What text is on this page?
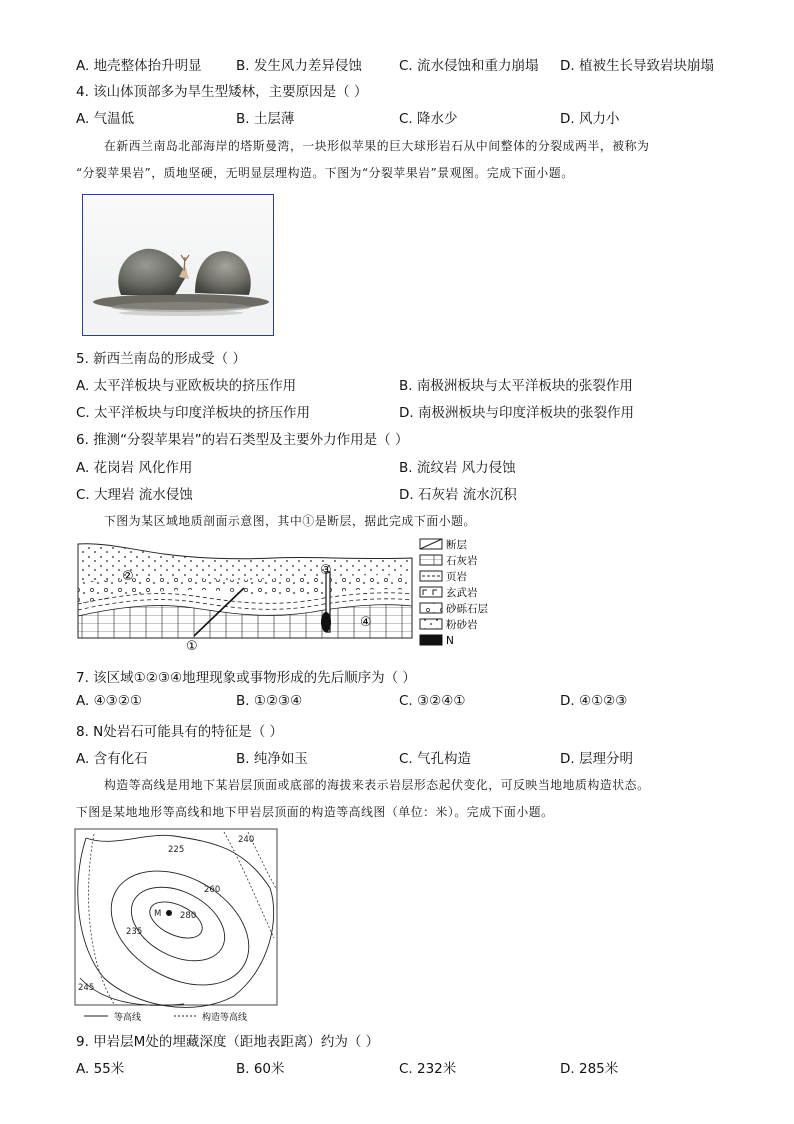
A. 地壳整体抬升明显	B. 发生风力差异侵蚀	C. 流水侵蚀和重力崩塌 D. 植被生长导致岩块崩塌
4. 该山体顶部多为旱生型矮林，主要原因是（ ）
A. 气温低	B. 土层薄	C. 降水少	D. 风力小
在新西兰南岛北部海岸的塔斯曼湾，一块形似苹果的巨大球形岩石从中间整体的分裂成两半，被称为
“分裂苹果岩”，质地坚硬，无明显层理构造。下图为“分裂苹果岩”景观图。完成下面小题。
5. 新西兰南岛的形成受（ ）
A. 太平洋板块与亚欧板块的挤压作用	B. 南极洲板块与太平洋板块的张裂作用
C. 太平洋板块与印度洋板块的挤压作用	D. 南极洲板块与印度洋板块的张裂作用
6. 推测“分裂苹果岩”的岩石类型及主要外力作用是（ ）
A. 花岗岩 风化作用	B. 流纹岩 风力侵蚀
C. 大理岩 流水侵蚀	D. 石灰岩 流水沉积
下图为某区域地质剖面示意图，其中①是断层，据此完成下面小题。
②	③
④
①
断层
石灰岩
页岩
玄武岩
砂砾石层
粉砂岩
N
7. 该区域①②③④地理现象或事物形成的先后顺序为（ ）
A. ④③②①	B. ①②③④	C. ③②④①	D. ④①②③
8. N处岩石可能具有的特征是（ ）
A. 含有化石	B. 纯净如玉	C. 气孔构造	D. 层理分明
构造等高线是用地下某岩层顶面或底部的海拔来表示岩层形态起伏变化，可反映当地地质构造状态。
下图是某地地形等高线和地下甲岩层顶面的构造等高线图（单位：米）。完成下面小题。
225
240
260
280
235
245
M
等高线	构造等高线
9. 甲岩层M处的埋藏深度（距地表距离）约为（ ）
A. 55米	B. 60米	C. 232米	D. 285米
